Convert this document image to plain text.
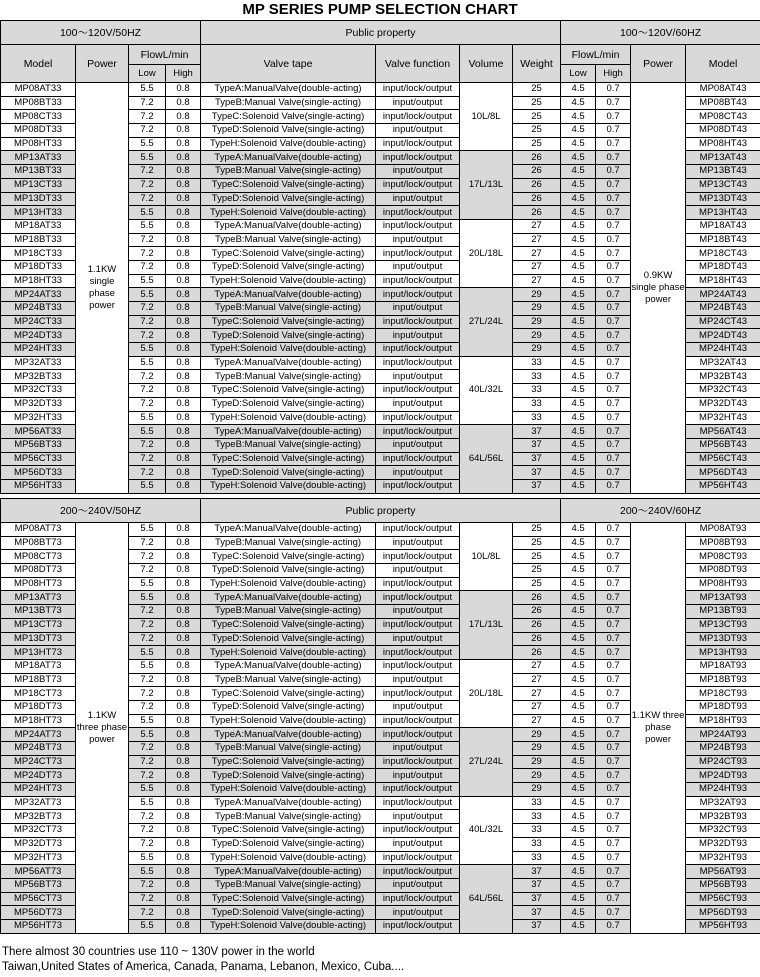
MP SERIES PUMP SELECTION CHART
100～120V/50HZ				Public property				100～120V/60HZ			
Model	Power	FlowL/min		Valve tape	Valve function	Volume	Weight	FlowL/min		Power	Model
		Low	High					Low	High		
MP08AT33	1.1KW single phase power	5.5	0.8	TypeA:ManualValve(double-acting)	input/lock/output	10L/8L	25	4.5	0.7	0.9KW single phase power	MP08AT43
MP08BT33		7.2	0.8	TypeB:Manual Valve(single-acting)	input/output		25	4.5	0.7		MP08BT43
MP08CT33		7.2	0.8	TypeC:Solenoid Valve(single-acting)	input/lock/output		25	4.5	0.7		MP08CT43
MP08DT33		7.2	0.8	TypeD:Solenoid Valve(single-acting)	input/output		25	4.5	0.7		MP08DT43
MP08HT33		5.5	0.8	TypeH:Solenoid Valve(double-acting)	input/lock/output		25	4.5	0.7		MP08HT43
MP13AT33		5.5	0.8	TypeA:ManualValve(double-acting)	input/lock/output	17L/13L	26	4.5	0.7		MP13AT43
MP13BT33		7.2	0.8	TypeB:Manual Valve(single-acting)	input/output		26	4.5	0.7		MP13BT43
MP13CT33		7.2	0.8	TypeC:Solenoid Valve(single-acting)	input/lock/output		26	4.5	0.7		MP13CT43
MP13DT33		7.2	0.8	TypeD:Solenoid Valve(single-acting)	input/output		26	4.5	0.7		MP13DT43
MP13HT33		5.5	0.8	TypeH:Solenoid Valve(double-acting)	input/lock/output		26	4.5	0.7		MP13HT43
MP18AT33		5.5	0.8	TypeA:ManualValve(double-acting)	input/lock/output	20L/18L	27	4.5	0.7		MP18AT43
MP18BT33		7.2	0.8	TypeB:Manual Valve(single-acting)	input/output		27	4.5	0.7		MP18BT43
MP18CT33		7.2	0.8	TypeC:Solenoid Valve(single-acting)	input/lock/output		27	4.5	0.7		MP18CT43
MP18DT33		7.2	0.8	TypeD:Solenoid Valve(single-acting)	input/output		27	4.5	0.7		MP18DT43
MP18HT33		5.5	0.8	TypeH:Solenoid Valve(double-acting)	input/lock/output		27	4.5	0.7		MP18HT43
MP24AT33		5.5	0.8	TypeA:ManualValve(double-acting)	input/lock/output	27L/24L	29	4.5	0.7		MP24AT43
MP24BT33		7.2	0.8	TypeB:Manual Valve(single-acting)	input/output		29	4.5	0.7		MP24BT43
MP24CT33		7.2	0.8	TypeC:Solenoid Valve(single-acting)	input/lock/output		29	4.5	0.7		MP24CT43
MP24DT33		7.2	0.8	TypeD:Solenoid Valve(single-acting)	input/output		29	4.5	0.7		MP24DT43
MP24HT33		5.5	0.8	TypeH:Solenoid Valve(double-acting)	input/lock/output		29	4.5	0.7		MP24HT43
MP32AT33		5.5	0.8	TypeA:ManualValve(double-acting)	input/lock/output	40L/32L	33	4.5	0.7		MP32AT43
MP32BT33		7.2	0.8	TypeB:Manual Valve(single-acting)	input/output		33	4.5	0.7		MP32BT43
MP32CT33		7.2	0.8	TypeC:Solenoid Valve(single-acting)	input/lock/output		33	4.5	0.7		MP32CT43
MP32DT33		7.2	0.8	TypeD:Solenoid Valve(single-acting)	input/output		33	4.5	0.7		MP32DT43
MP32HT33		5.5	0.8	TypeH:Solenoid Valve(double-acting)	input/lock/output		33	4.5	0.7		MP32HT43
MP56AT33		5.5	0.8	TypeA:ManualValve(double-acting)	input/lock/output	64L/56L	37	4.5	0.7		MP56AT43
MP56BT33		7.2	0.8	TypeB:Manual Valve(single-acting)	input/output		37	4.5	0.7		MP56BT43
MP56CT33		7.2	0.8	TypeC:Solenoid Valve(single-acting)	input/lock/output		37	4.5	0.7		MP56CT43
MP56DT33		7.2	0.8	TypeD:Solenoid Valve(single-acting)	input/output		37	4.5	0.7		MP56DT43
MP56HT33		5.5	0.8	TypeH:Solenoid Valve(double-acting)	input/lock/output		37	4.5	0.7		MP56HT43
200～240V/50HZ				Public property				200～240V/60HZ			
MP08AT73	1.1KW three phase power	5.5	0.8	TypeA:ManualValve(double-acting)	input/lock/output	10L/8L	25	4.5	0.7	1.1KW three phase power	MP08AT93
MP08BT73		7.2	0.8	TypeB:Manual Valve(single-acting)	input/output		25	4.5	0.7		MP08BT93
MP08CT73		7.2	0.8	TypeC:Solenoid Valve(single-acting)	input/lock/output		25	4.5	0.7		MP08CT93
MP08DT73		7.2	0.8	TypeD:Solenoid Valve(single-acting)	input/output		25	4.5	0.7		MP08DT93
MP08HT73		5.5	0.8	TypeH:Solenoid Valve(double-acting)	input/lock/output		25	4.5	0.7		MP08HT93
MP13AT73		5.5	0.8	TypeA:ManualValve(double-acting)	input/lock/output	17L/13L	26	4.5	0.7		MP13AT93
MP13BT73		7.2	0.8	TypeB:Manual Valve(single-acting)	input/output		26	4.5	0.7		MP13BT93
MP13CT73		7.2	0.8	TypeC:Solenoid Valve(single-acting)	input/lock/output		26	4.5	0.7		MP13CT93
MP13DT73		7.2	0.8	TypeD:Solenoid Valve(single-acting)	input/output		26	4.5	0.7		MP13DT93
MP13HT73		5.5	0.8	TypeH:Solenoid Valve(double-acting)	input/lock/output		26	4.5	0.7		MP13HT93
MP18AT73		5.5	0.8	TypeA:ManualValve(double-acting)	input/lock/output	20L/18L	27	4.5	0.7		MP18AT93
MP18BT73		7.2	0.8	TypeB:Manual Valve(single-acting)	input/output		27	4.5	0.7		MP18BT93
MP18CT73		7.2	0.8	TypeC:Solenoid Valve(single-acting)	input/lock/output		27	4.5	0.7		MP18CT93
MP18DT73		7.2	0.8	TypeD:Solenoid Valve(single-acting)	input/output		27	4.5	0.7		MP18DT93
MP18HT73		5.5	0.8	TypeH:Solenoid Valve(double-acting)	input/lock/output		27	4.5	0.7		MP18HT93
MP24AT73		5.5	0.8	TypeA:ManualValve(double-acting)	input/lock/output	27L/24L	29	4.5	0.7		MP24AT93
MP24BT73		7.2	0.8	TypeB:Manual Valve(single-acting)	input/output		29	4.5	0.7		MP24BT93
MP24CT73		7.2	0.8	TypeC:Solenoid Valve(single-acting)	input/lock/output		29	4.5	0.7		MP24CT93
MP24DT73		7.2	0.8	TypeD:Solenoid Valve(single-acting)	input/output		29	4.5	0.7		MP24DT93
MP24HT73		5.5	0.8	TypeH:Solenoid Valve(double-acting)	input/lock/output		29	4.5	0.7		MP24HT93
MP32AT73		5.5	0.8	TypeA:ManualValve(double-acting)	input/lock/output	40L/32L	33	4.5	0.7		MP32AT93
MP32BT73		7.2	0.8	TypeB:Manual Valve(single-acting)	input/output		33	4.5	0.7		MP32BT93
MP32CT73		7.2	0.8	TypeC:Solenoid Valve(single-acting)	input/lock/output		33	4.5	0.7		MP32CT93
MP32DT73		7.2	0.8	TypeD:Solenoid Valve(single-acting)	input/output		33	4.5	0.7		MP32DT93
MP32HT73		5.5	0.8	TypeH:Solenoid Valve(double-acting)	input/lock/output		33	4.5	0.7		MP32HT93
MP56AT73		5.5	0.8	TypeA:ManualValve(double-acting)	input/lock/output	64L/56L	37	4.5	0.7		MP56AT93
MP56BT73		7.2	0.8	TypeB:Manual Valve(single-acting)	input/output		37	4.5	0.7		MP56BT93
MP56CT73		7.2	0.8	TypeC:Solenoid Valve(single-acting)	input/lock/output		37	4.5	0.7		MP56CT93
MP56DT73		7.2	0.8	TypeD:Solenoid Valve(single-acting)	input/output		37	4.5	0.7		MP56DT93
MP56HT73		5.5	0.8	TypeH:Solenoid Valve(double-acting)	input/lock/output		37	4.5	0.7		MP56HT93
There almost 30 countries use 110 ~ 130V power in the world
Taiwan,United States of America, Canada, Panama, Lebanon, Mexico, Cuba....
